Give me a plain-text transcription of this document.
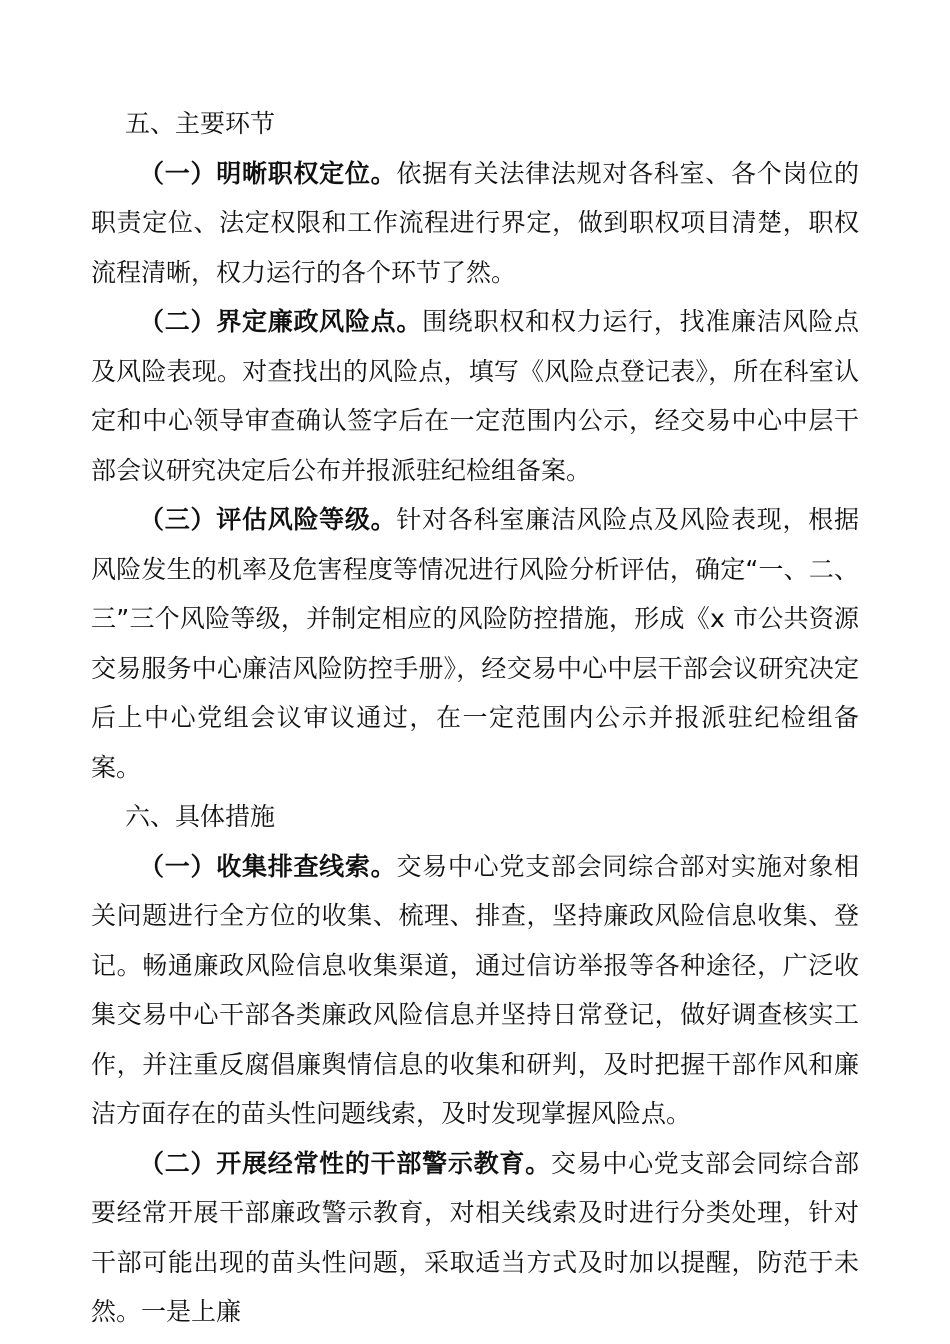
五、主要环节

（一）明晰职权定位。依据有关法律法规对各科室、各个岗位的职责定位、法定权限和工作流程进行界定，做到职权项目清楚，职权流程清晰，权力运行的各个环节了然。

（二）界定廉政风险点。围绕职权和权力运行，找准廉洁风险点及风险表现。对查找出的风险点，填写《风险点登记表》，所在科室认定和中心领导审查确认签字后在一定范围内公示，经交易中心中层干部会议研究决定后公布并报派驻纪检组备案。

（三）评估风险等级。针对各科室廉洁风险点及风险表现，根据风险发生的机率及危害程度等情况进行风险分析评估，确定“一、二、三”三个风险等级，并制定相应的风险防控措施，形成《x 市公共资源交易服务中心廉洁风险防控手册》，经交易中心中层干部会议研究决定后上中心党组会议审议通过，在一定范围内公示并报派驻纪检组备案。

六、具体措施

（一）收集排查线索。交易中心党支部会同综合部对实施对象相关问题进行全方位的收集、梳理、排查，坚持廉政风险信息收集、登记。畅通廉政风险信息收集渠道，通过信访举报等各种途径，广泛收集交易中心干部各类廉政风险信息并坚持日常登记，做好调查核实工作，并注重反腐倡廉舆情信息的收集和研判，及时把握干部作风和廉洁方面存在的苗头性问题线索，及时发现掌握风险点。

（二）开展经常性的干部警示教育。交易中心党支部会同综合部要经常开展干部廉政警示教育，对相关线索及时进行分类处理，针对干部可能出现的苗头性问题，采取适当方式及时加以提醒，防范于未然。一是上廉
